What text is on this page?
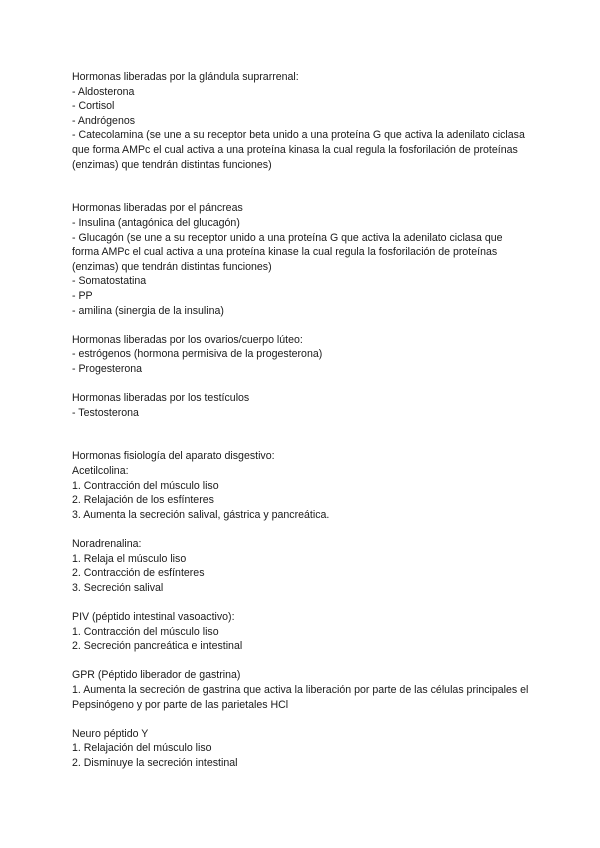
Hormonas liberadas por la glándula suprarrenal:
- Aldosterona
- Cortisol
- Andrógenos
- Catecolamina (se une a su receptor beta unido a una proteína G que activa la adenilato ciclasa que forma AMPc el cual activa a una proteína kinasa la cual regula la fosforilación de proteínas (enzimas) que tendrán distintas funciones)
Hormonas liberadas por el páncreas
- Insulina (antagónica del glucagón)
- Glucagón (se une a su receptor unido a una proteína G que activa la adenilato ciclasa que forma AMPc el cual activa a una proteína kinase la cual regula la fosforilación de proteínas (enzimas) que tendrán distintas funciones)
- Somatostatina
- PP
- amilina (sinergia de la insulina)
Hormonas liberadas por los ovarios/cuerpo lúteo:
- estrógenos (hormona permisiva de la progesterona)
- Progesterona
Hormonas liberadas por los testículos
- Testosterona
Hormonas fisiología del aparato disgestivo:
Acetilcolina:
1. Contracción del músculo liso
2. Relajación de los esfínteres
3. Aumenta la secreción salival, gástrica y pancreática.
Noradrenalina:
1. Relaja el músculo liso
2. Contracción de esfínteres
3. Secreción salival
PIV (péptido intestinal vasoactivo):
1. Contracción del músculo liso
2. Secreción pancreática e intestinal
GPR (Péptido liberador de gastrina)
1. Aumenta la secreción de gastrina que activa la liberación por parte de las células principales el Pepsinógeno y por parte de las parietales HCl
Neuro péptido Y
1. Relajación del músculo liso
2. Disminuye la secreción intestinal
